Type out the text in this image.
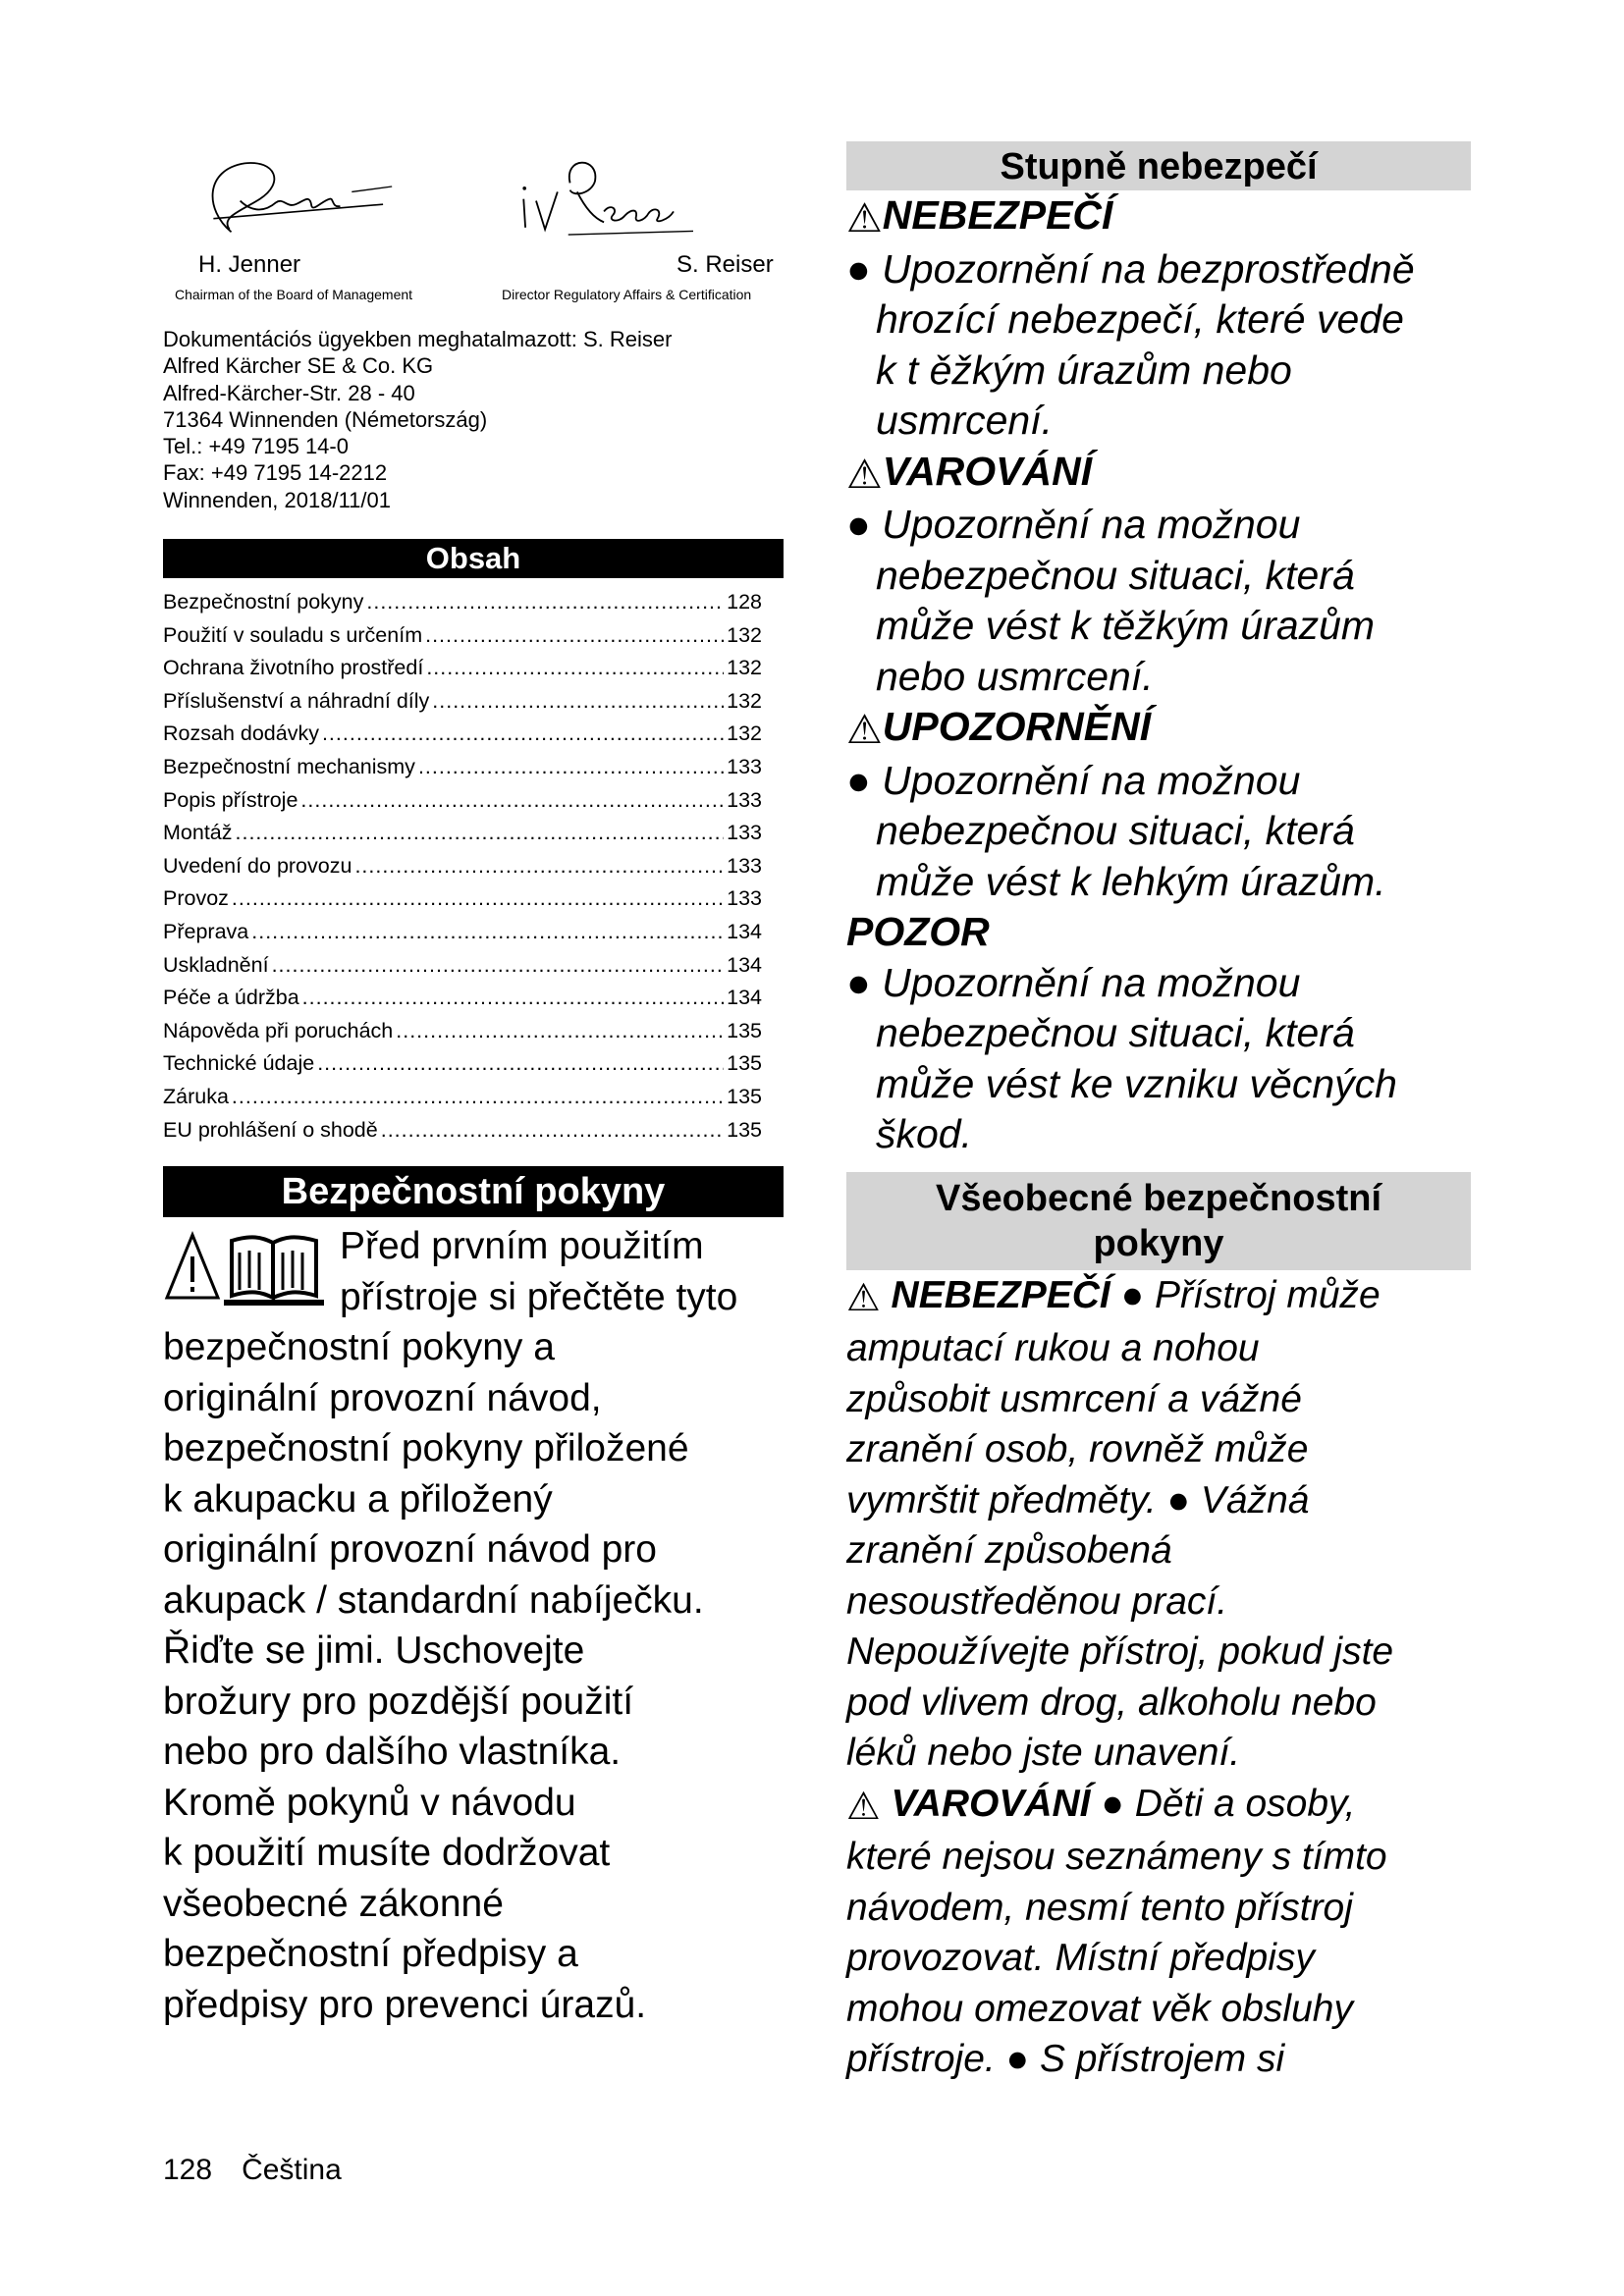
H. Jenner
Chairman of the Board of Management
S. Reiser
Director Regulatory Affairs & Certification
Dokumentációs ügyekben meghatalmazott: S. Reiser
Alfred Kärcher SE & Co. KG
Alfred-Kärcher-Str. 28 - 40
71364 Winnenden (Németország)
Tel.: +49 7195 14-0
Fax: +49 7195 14-2212
Winnenden, 2018/11/01
Obsah
Bezpečnostní pokyny .....	128
Použití v souladu s určením .....	132
Ochrana životního prostředí .....	132
Příslušenství a náhradní díly .....	132
Rozsah dodávky .....	132
Bezpečnostní mechanismy .....	133
Popis přístroje .....	133
Montáž .....	133
Uvedení do provozu .....	133
Provoz .....	133
Přeprava .....	134
Uskladnění .....	134
Péče a údržba .....	134
Nápověda při poruchách .....	135
Technické údaje .....	135
Záruka .....	135
EU prohlášení o shodě .....	135
Bezpečnostní pokyny
Před prvním použitím
přístroje si přečtěte tyto
bezpečnostní pokyny a
originální provozní návod,
bezpečnostní pokyny přiložené
k akupacku a přiložený
originální provozní návod pro
akupack / standardní nabíječku.
Řiďte se jimi. Uschovejte
brožury pro pozdější použití
nebo pro dalšího vlastníka.
Kromě pokynů v návodu
k použití musíte dodržovat
všeobecné zákonné
bezpečnostní předpisy a
předpisy pro prevenci úrazů.
Stupně nebezpečí
⚠NEBEZPEČÍ
● Upozornění na bezprostředně
hrozící nebezpečí, které vede
k t ěžkým úrazům nebo
usmrcení.
⚠VAROVÁNÍ
● Upozornění na možnou
nebezpečnou situaci, která
může vést k těžkým úrazům
nebo usmrcení.
⚠UPOZORNĚNÍ
● Upozornění na možnou
nebezpečnou situaci, která
může vést k lehkým úrazům.
POZOR
● Upozornění na možnou
nebezpečnou situaci, která
může vést ke vzniku věcných
škod.
Všeobecné bezpečnostní
pokyny
⚠ NEBEZPEČÍ ● Přístroj může
amputací rukou a nohou
způsobit usmrcení a vážné
zranění osob, rovněž může
vymrštit předměty. ● Vážná
zranění způsobená
nesoustředěnou prací.
Nepoužívejte přístroj, pokud jste
pod vlivem drog, alkoholu nebo
léků nebo jste unavení.
⚠ VAROVÁNÍ ● Děti a osoby,
které nejsou seznámeny s tímto
návodem, nesmí tento přístroj
provozovat. Místní předpisy
mohou omezovat věk obsluhy
přístroje. ● S přístrojem si
128 Čeština
